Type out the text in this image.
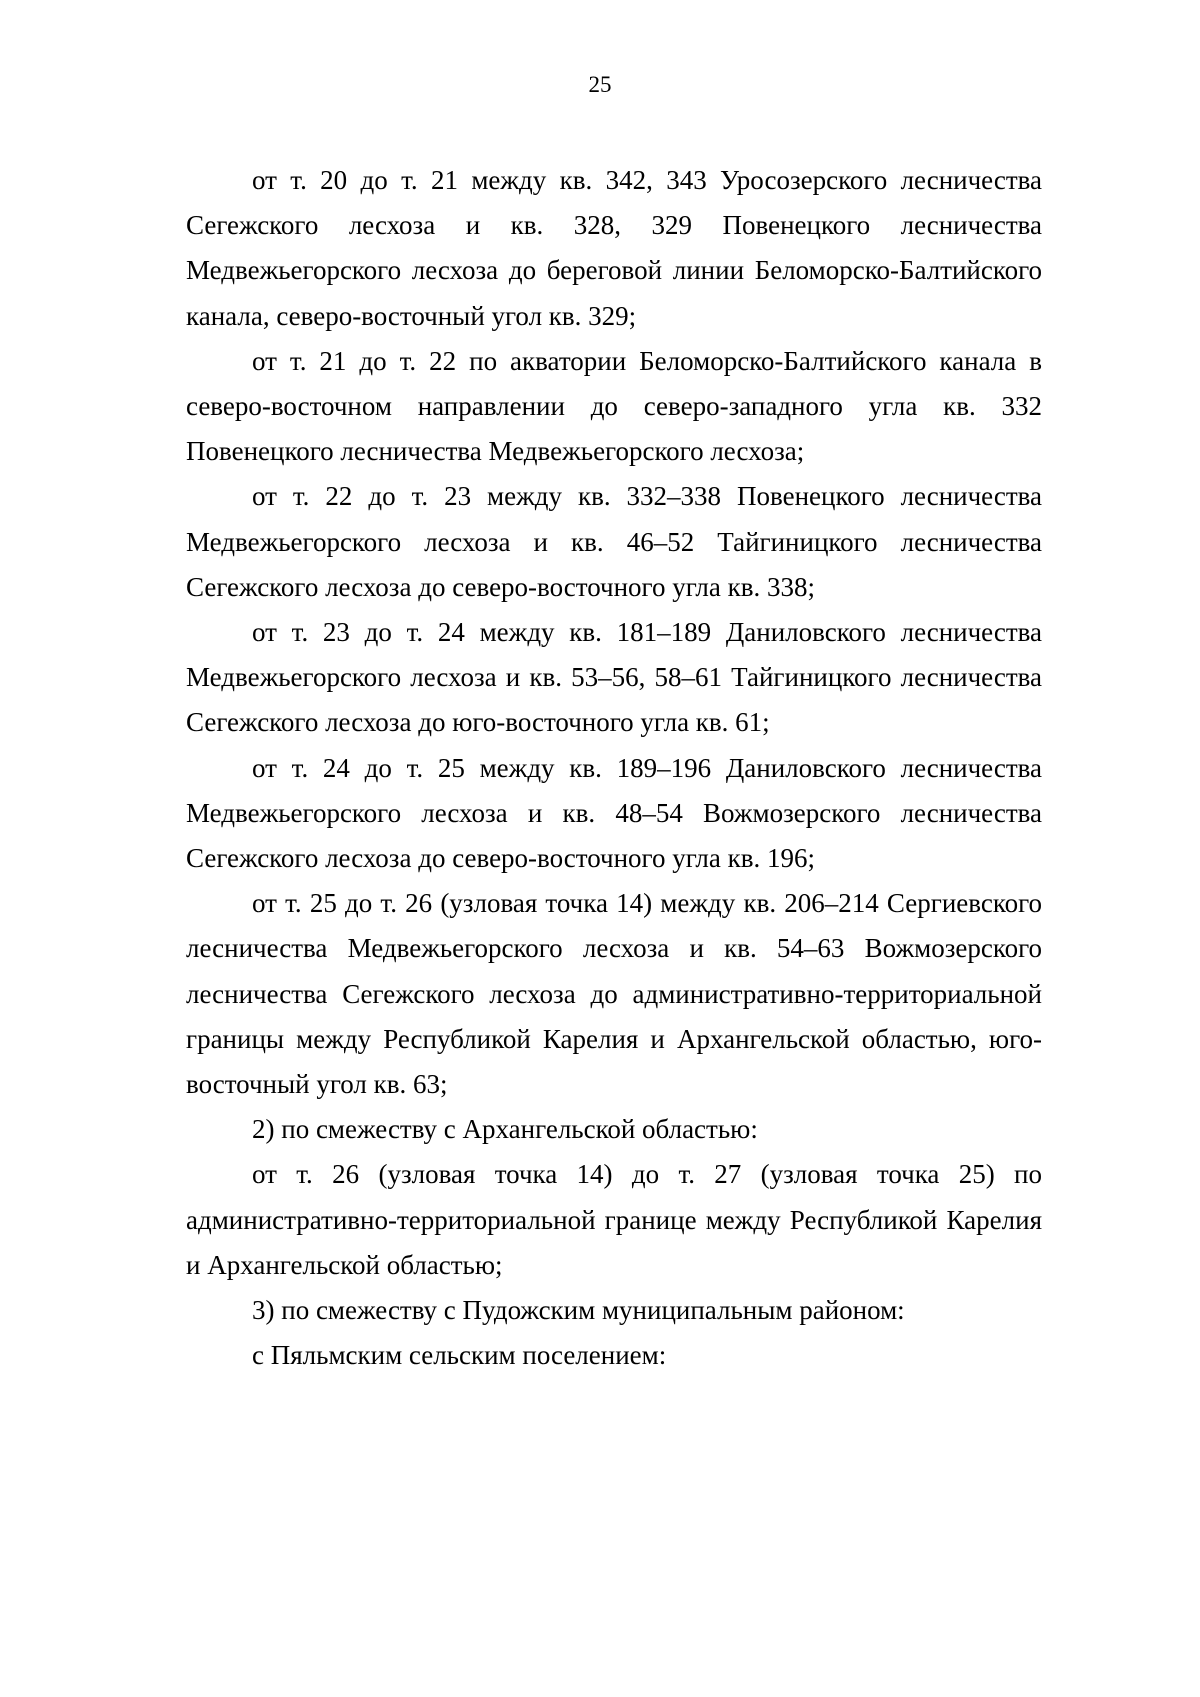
25

от т. 20 до т. 21 между кв. 342, 343 Уросозерского лесничества Сегежского лесхоза и кв. 328, 329 Повенецкого лесничества Медвежьегорского лесхоза до береговой линии Беломорско-Балтийского канала, северо-восточный угол кв. 329;

от т. 21 до т. 22 по акватории Беломорско-Балтийского канала в северо-восточном направлении до северо-западного угла кв. 332 Повенецкого лесничества Медвежьегорского лесхоза;

от т. 22 до т. 23 между кв. 332–338 Повенецкого лесничества Медвежьегорского лесхоза и кв. 46–52 Тайгиницкого лесничества Сегежского лесхоза до северо-восточного угла кв. 338;

от т. 23 до т. 24 между кв. 181–189 Даниловского лесничества Медвежьегорского лесхоза и кв. 53–56, 58–61 Тайгиницкого лесничества Сегежского лесхоза до юго-восточного угла кв. 61;

от т. 24 до т. 25 между кв. 189–196 Даниловского лесничества Медвежьегорского лесхоза и кв. 48–54 Вожмозерского лесничества Сегежского лесхоза до северо-восточного угла кв. 196;

от т. 25 до т. 26 (узловая точка 14) между кв. 206–214 Сергиевского лесничества Медвежьегорского лесхоза и кв. 54–63 Вожмозерского лесничества Сегежского лесхоза до административно-территориальной границы между Республикой Карелия и Архангельской областью, юго-восточный угол кв. 63;

2) по смежеству с Архангельской областью:

от т. 26 (узловая точка 14) до т. 27 (узловая точка 25) по административно-территориальной границе между Республикой Карелия и Архангельской областью;

3) по смежеству с Пудожским муниципальным районом:

с Пяльмским сельским поселением:
